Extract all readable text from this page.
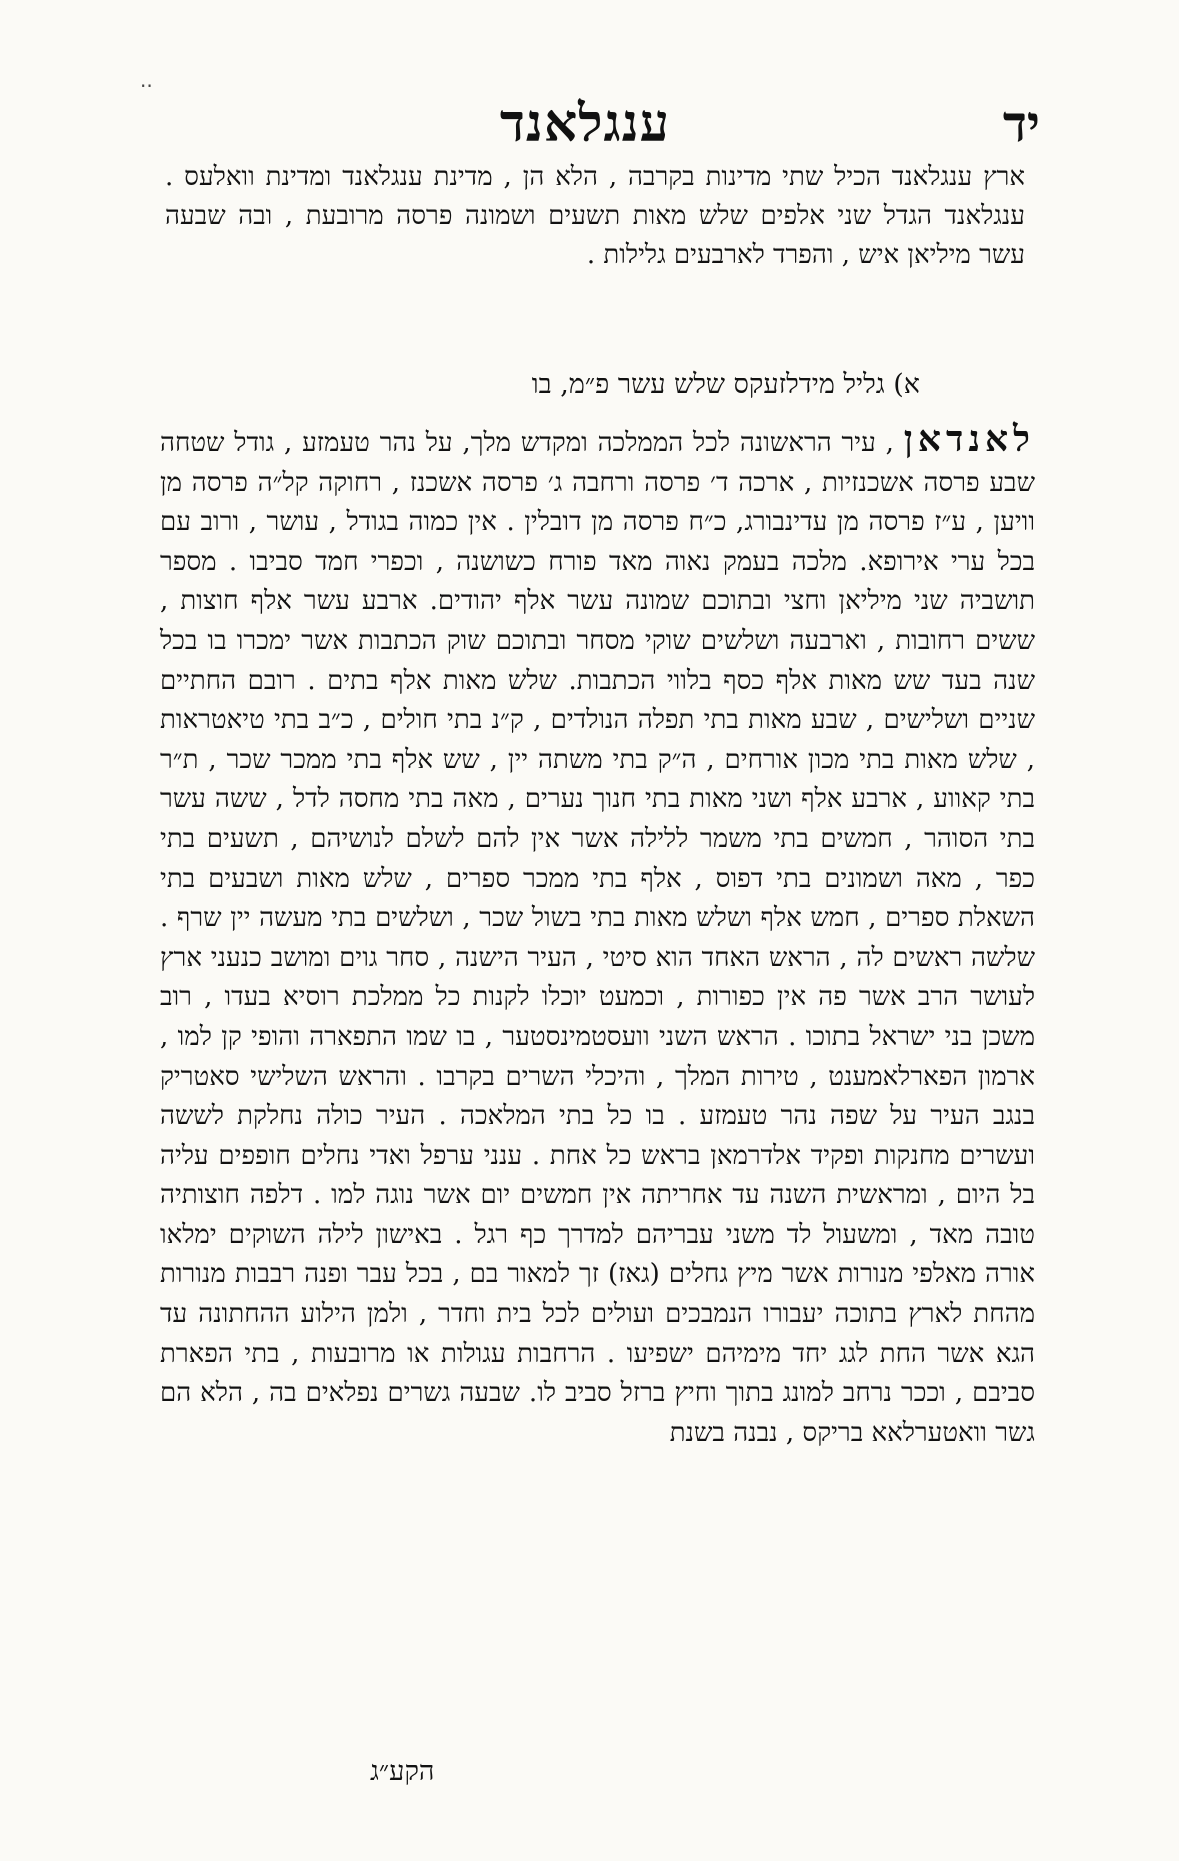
‧‧
יד
ענגלאנד

ארץ ענגלאנד הכיל שתי מדינות בקרבה , הלא הן , מדינת ענגלאנד ומדינת וואלעס . ענגלאנד הגדל שני אלפים שלש מאות תשעים ושמונה פרסה מרובעת , ובה שבעה עשר מיליאן איש , והפרד לארבעים גלילות .

א) גליל מידלזעקס שלש עשר פ״מ, בו

לאנדאן , עיר הראשונה לכל הממלכה ומקדש מלך, על נהר טעמזע , גודל שטחה שבע פרסה אשכנזיות , ארכה ד׳ פרסה ורחבה ג׳ פרסה אשכנז , רחוקה קל״ה פרסה מן וויען , ע״ז פרסה מן עדינבורג, כ״ח פרסה מן דובלין . אין כמוה בגודל , עושר , ורוב עם בכל ערי אירופא. מלכה בעמק נאוה מאד פורח כשושנה , וכפרי חמד סביבו . מספר תושביה שני מיליאן וחצי ובתוכם שמונה עשר אלף יהודים. ארבע עשר אלף חוצות , ששים רחובות , וארבעה ושלשים שוקי מסחר ובתוכם שוק הכתבות אשר ימכרו בו בכל שנה בעד שש מאות אלף כסף בלווי הכתבות. שלש מאות אלף בתים . רובם החתיים שניים ושלישים , שבע מאות בתי תפלה הנולדים , ק״נ בתי חולים , כ״ב בתי טיאטראות , שלש מאות בתי מכון אורחים , ה״ק בתי משתה יין , שש אלף בתי ממכר שכר , ת״ר בתי קאווע , ארבע אלף ושני מאות בתי חנוך נערים , מאה בתי מחסה לדל , ששה עשר בתי הסוהר , חמשים בתי משמר ללילה אשר אין להם לשלם לנושיהם , תשעים בתי כפר , מאה ושמונים בתי דפוס , אלף בתי ממכר ספרים , שלש מאות ושבעים בתי השאלת ספרים , חמש אלף ושלש מאות בתי בשול שכר , ושלשים בתי מעשה יין שרף . שלשה ראשים לה , הראש האחד הוא סיטי , העיר הישנה , סחר גוים ומושב כנעני ארץ לעושר הרב אשר פה אין כפורות , וכמעט יוכלו לקנות כל ממלכת רוסיא בעדו , רוב משכן בני ישראל בתוכו . הראש השני וועסטמינסטער , בו שמו התפארה והופי קן למו , ארמון הפארלאמענט , טירות המלך , והיכלי השרים בקרבו . והראש השלישי סאטריק בנגב העיר על שפה נהר טעמזע . בו כל בתי המלאכה . העיר כולה נחלקת לששה ועשרים מחנקות ופקיד אלדרמאן בראש כל אחת . ענני ערפל ואדי נחלים חופפים עליה בל היום , ומראשית השנה עד אחריתה אין חמשים יום אשר נוגה למו . דלפה חוצותיה טובה מאד , ומשעול לד משני עבריהם למדרך כף רגל . באישון לילה השוקים ימלאו אורה מאלפי מנורות אשר מיץ גחלים (גאז) זך למאור בם , בכל עבר ופנה רבבות מנורות מהחת לארץ בתוכה יעבורו הנמבכים ועולים לכל בית וחדר , ולמן הילוע ההחתונה עד הגא אשר החת לגג יחד מימיהם ישפיעו . הרחבות עגולות או מרובעות , בתי הפארת סביבם , וככר נרחב למונג בתוך וחיץ ברזל סביב לו. שבעה גשרים נפלאים בה , הלא הם גשר וואטערלאא בריקס , נבנה בשנת

הקע״ג
